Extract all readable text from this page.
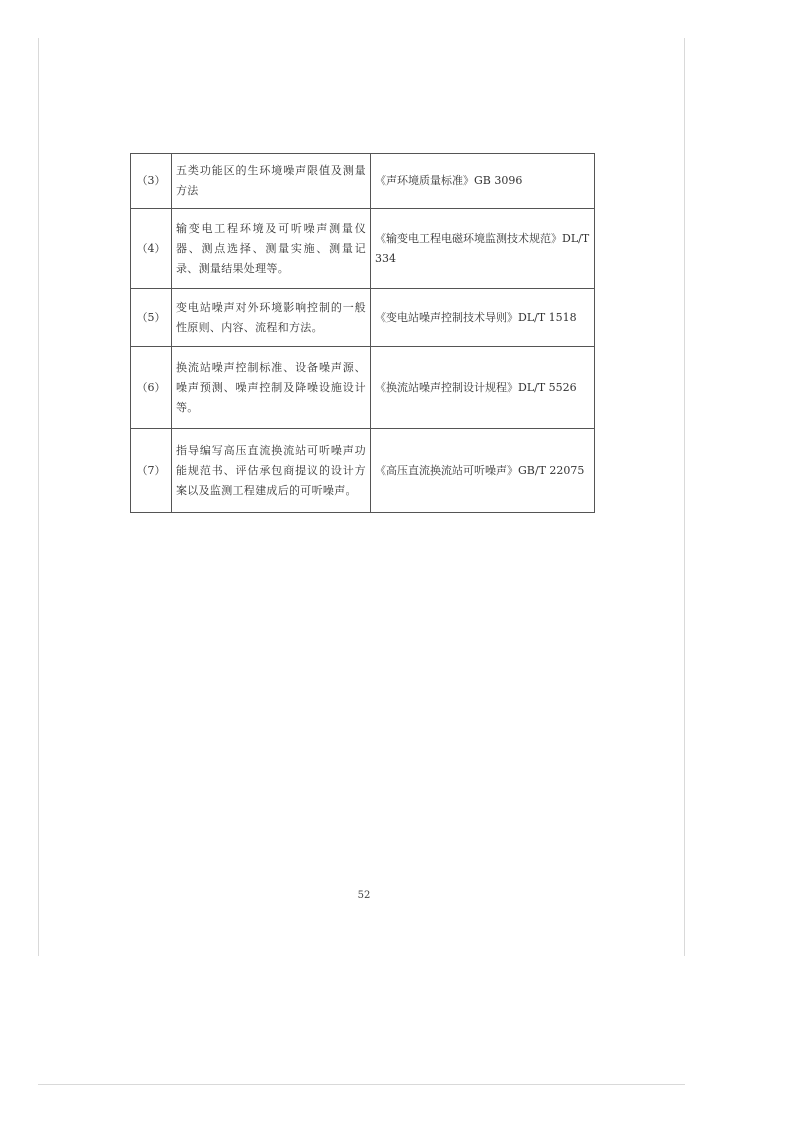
（3）	五类功能区的生环境噪声限值及测量方法	《声环境质量标准》GB 3096
（4）	输变电工程环境及可听噪声测量仪器、测点选择、测量实施、测量记录、测量结果处理等。	《输变电工程电磁环境监测技术规范》DL/T 334
（5）	变电站噪声对外环境影响控制的一般性原则、内容、流程和方法。	《变电站噪声控制技术导则》DL/T 1518
（6）	换流站噪声控制标准、设备噪声源、噪声预测、噪声控制及降噪设施设计等。	《换流站噪声控制设计规程》DL/T 5526
（7）	指导编写高压直流换流站可听噪声功能规范书、评估承包商提议的设计方案以及监测工程建成后的可听噪声。	《高压直流换流站可听噪声》GB/T 22075
52
